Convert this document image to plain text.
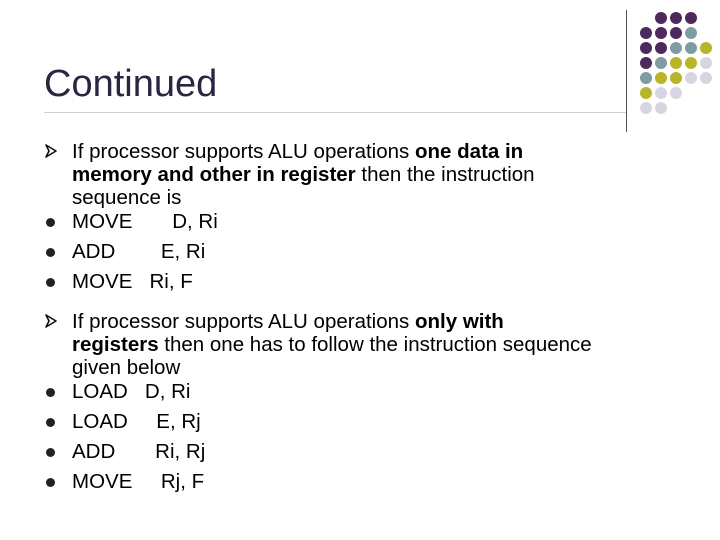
Continued
If processor supports ALU operations one data in
memory and other in register then the instruction
sequence is
MOVE       D, Ri
ADD        E, Ri
MOVE   Ri, F
If processor supports ALU operations only with
registers then one has to follow the instruction sequence
given below
LOAD   D, Ri
LOAD     E, Rj
ADD       Ri, Rj
MOVE     Rj, F
